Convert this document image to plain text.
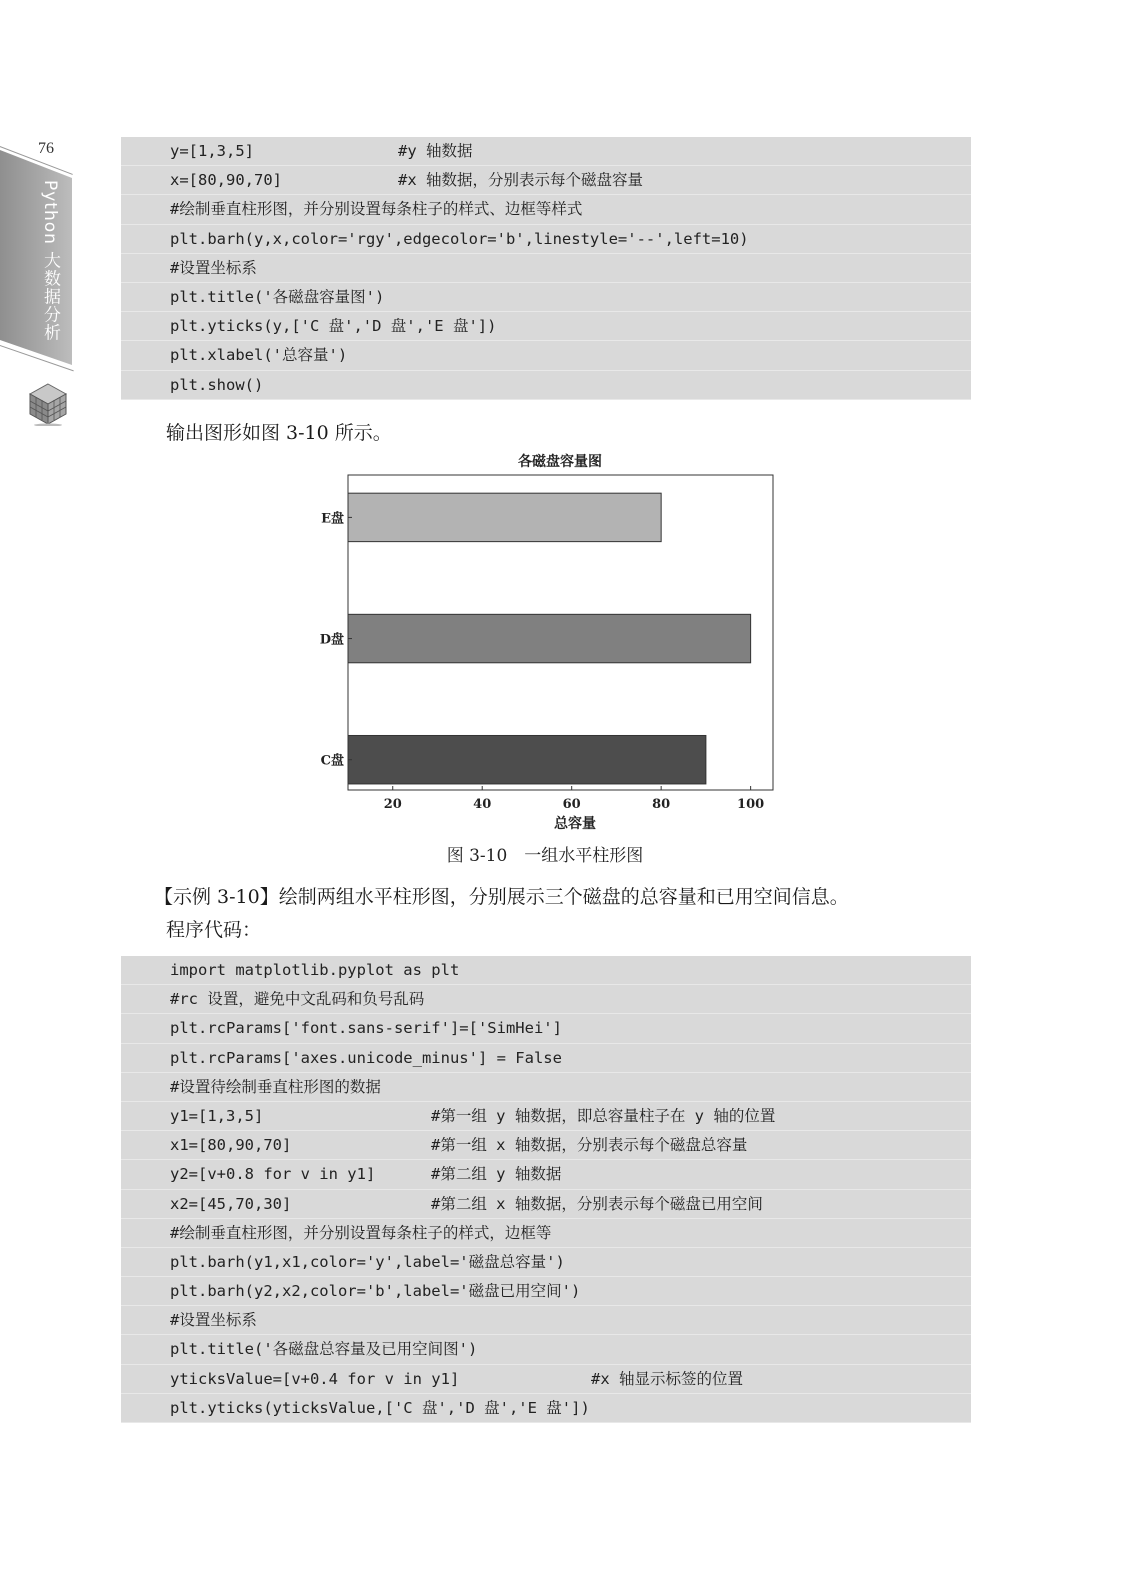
76
Python 大数据分析
y=[1,3,5]	#y 轴数据
x=[80,90,70]	#x 轴数据，分别表示每个磁盘容量
#绘制垂直柱形图，并分别设置每条柱子的样式、边框等样式
plt.barh(y,x,color='rgy',edgecolor='b',linestyle='--',left=10)
#设置坐标系
plt.title('各磁盘容量图')
plt.yticks(y,['C 盘','D 盘','E 盘'])
plt.xlabel('总容量')
plt.show()
输出图形如图 3-10 所示。
各磁盘容量图
C盘
D盘
E盘
20	40	60	80	100
总容量
图 3-10　一组水平柱形图
【示例 3-10】绘制两组水平柱形图，分别展示三个磁盘的总容量和已用空间信息。
程序代码：
import matplotlib.pyplot as plt
#rc 设置，避免中文乱码和负号乱码
plt.rcParams['font.sans-serif']=['SimHei']
plt.rcParams['axes.unicode_minus'] = False
#设置待绘制垂直柱形图的数据
y1=[1,3,5]	#第一组 y 轴数据，即总容量柱子在 y 轴的位置
x1=[80,90,70]	#第一组 x 轴数据，分别表示每个磁盘总容量
y2=[v+0.8 for v in y1]	#第二组 y 轴数据
x2=[45,70,30]	#第二组 x 轴数据，分别表示每个磁盘已用空间
#绘制垂直柱形图，并分别设置每条柱子的样式，边框等
plt.barh(y1,x1,color='y',label='磁盘总容量')
plt.barh(y2,x2,color='b',label='磁盘已用空间')
#设置坐标系
plt.title('各磁盘总容量及已用空间图')
yticksValue=[v+0.4 for v in y1]	#x 轴显示标签的位置
plt.yticks(yticksValue,['C 盘','D 盘','E 盘'])
